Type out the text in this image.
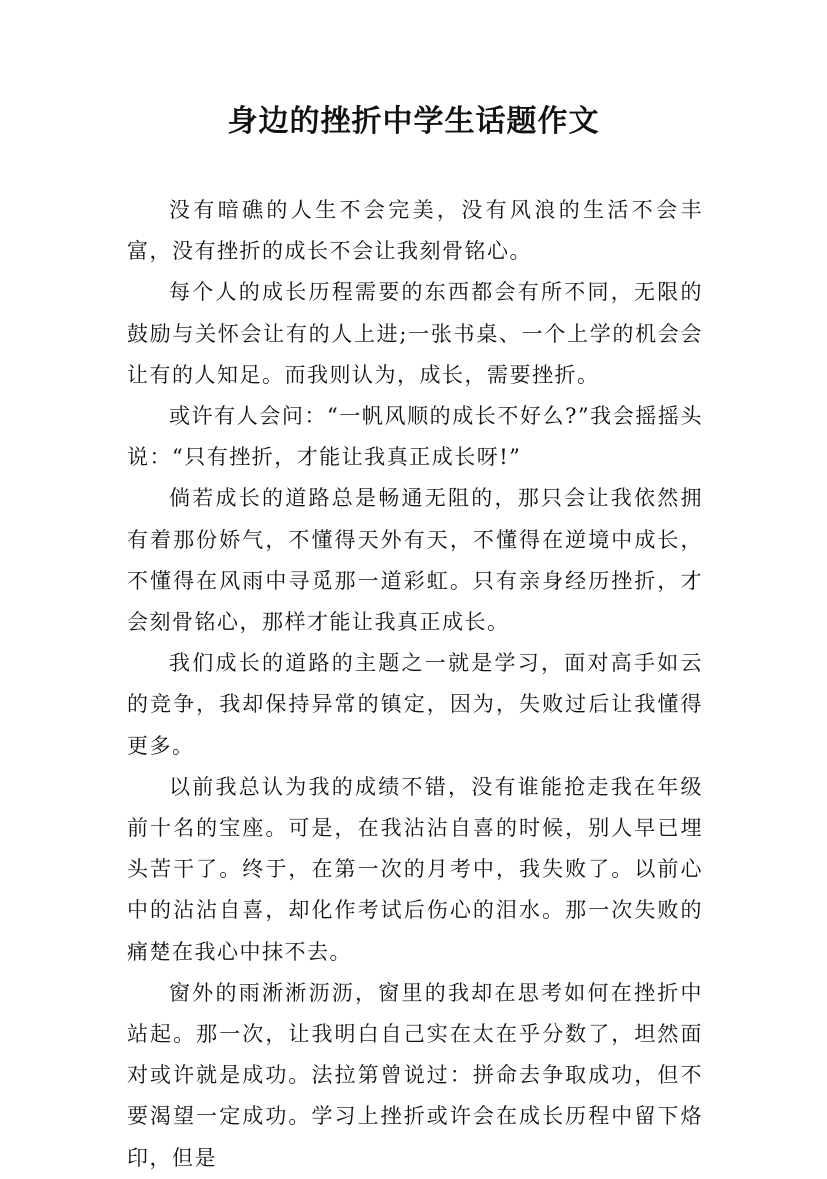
身边的挫折中学生话题作文

没有暗礁的人生不会完美，没有风浪的生活不会丰富，没有挫折的成长不会让我刻骨铭心。

每个人的成长历程需要的东西都会有所不同，无限的鼓励与关怀会让有的人上进;一张书桌、一个上学的机会会让有的人知足。而我则认为，成长，需要挫折。

或许有人会问：“一帆风顺的成长不好么?”我会摇摇头说：“只有挫折，才能让我真正成长呀!”

倘若成长的道路总是畅通无阻的，那只会让我依然拥有着那份娇气，不懂得天外有天，不懂得在逆境中成长，不懂得在风雨中寻觅那一道彩虹。只有亲身经历挫折，才会刻骨铭心，那样才能让我真正成长。

我们成长的道路的主题之一就是学习，面对高手如云的竞争，我却保持异常的镇定，因为，失败过后让我懂得更多。

以前我总认为我的成绩不错，没有谁能抢走我在年级前十名的宝座。可是，在我沾沾自喜的时候，别人早已埋头苦干了。终于，在第一次的月考中，我失败了。以前心中的沾沾自喜，却化作考试后伤心的泪水。那一次失败的痛楚在我心中抹不去。

窗外的雨淅淅沥沥，窗里的我却在思考如何在挫折中站起。那一次，让我明白自己实在太在乎分数了，坦然面对或许就是成功。法拉第曾说过：拼命去争取成功，但不要渴望一定成功。学习上挫折或许会在成长历程中留下烙印，但是
